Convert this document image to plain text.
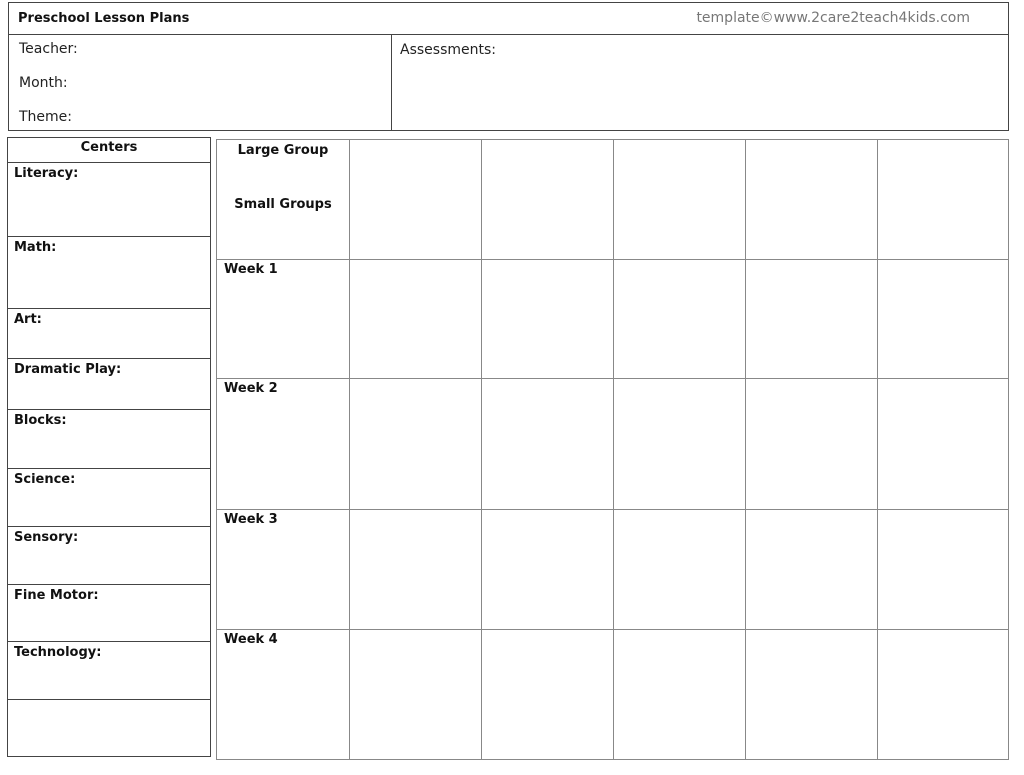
Preschool Lesson Plans	template©www.2care2teach4kids.com
Teacher:
Month:
Theme:
Assessments:
Centers
Literacy:
Math:
Art:
Dramatic Play:
Blocks:
Science:
Sensory:
Fine Motor:
Technology:
Large Group
Small Groups
Week 1
Week 2
Week 3
Week 4
